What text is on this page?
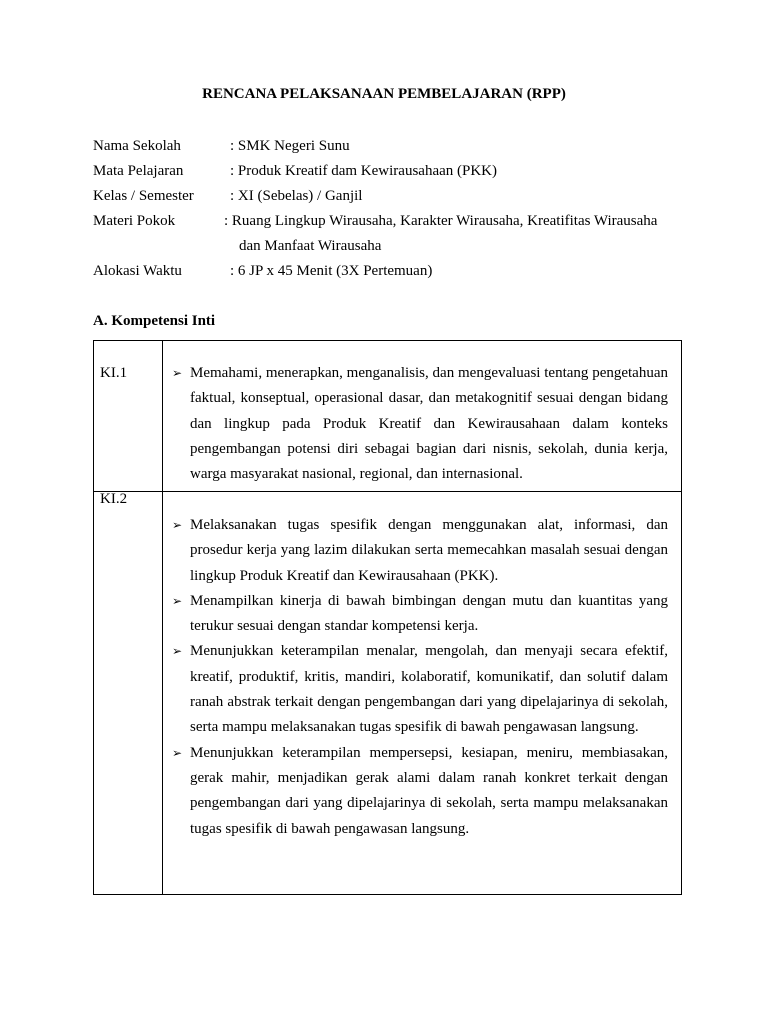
RENCANA PELAKSANAAN PEMBELAJARAN (RPP)
Nama Sekolah	: SMK Negeri Sunu
Mata Pelajaran	: Produk Kreatif dam Kewirausahaan (PKK)
Kelas / Semester : XI (Sebelas) / Ganjil
Materi Pokok	: Ruang Lingkup Wirausaha, Karakter Wirausaha, Kreatifitas Wirausaha
dan Manfaat Wirausaha
Alokasi Waktu	: 6 JP x 45 Menit (3X Pertemuan)
A. Kompetensi Inti
KI.1	➢ Memahami, menerapkan, menganalisis, dan mengevaluasi tentang pengetahuan faktual, konseptual, operasional dasar, dan metakognitif sesuai dengan bidang dan lingkup pada Produk Kreatif dan Kewirausahaan dalam konteks pengembangan potensi diri sebagai bagian dari nisnis, sekolah, dunia kerja, warga masyarakat nasional, regional, dan internasional.
KI.2
➢ Melaksanakan tugas spesifik dengan menggunakan alat, informasi, dan prosedur kerja yang lazim dilakukan serta memecahkan masalah sesuai dengan lingkup Produk Kreatif dan Kewirausahaan (PKK).
➢ Menampilkan kinerja di bawah bimbingan dengan mutu dan kuantitas yang terukur sesuai dengan standar kompetensi kerja.
➢ Menunjukkan keterampilan menalar, mengolah, dan menyaji secara efektif, kreatif, produktif, kritis, mandiri, kolaboratif, komunikatif, dan solutif dalam ranah abstrak terkait dengan pengembangan dari yang dipelajarinya di sekolah, serta mampu melaksanakan tugas spesifik di bawah pengawasan langsung.
➢ Menunjukkan keterampilan mempersepsi, kesiapan, meniru, membiasakan, gerak mahir, menjadikan gerak alami dalam ranah konkret terkait dengan pengembangan dari yang dipelajarinya di sekolah, serta mampu melaksanakan tugas spesifik di bawah pengawasan langsung.
